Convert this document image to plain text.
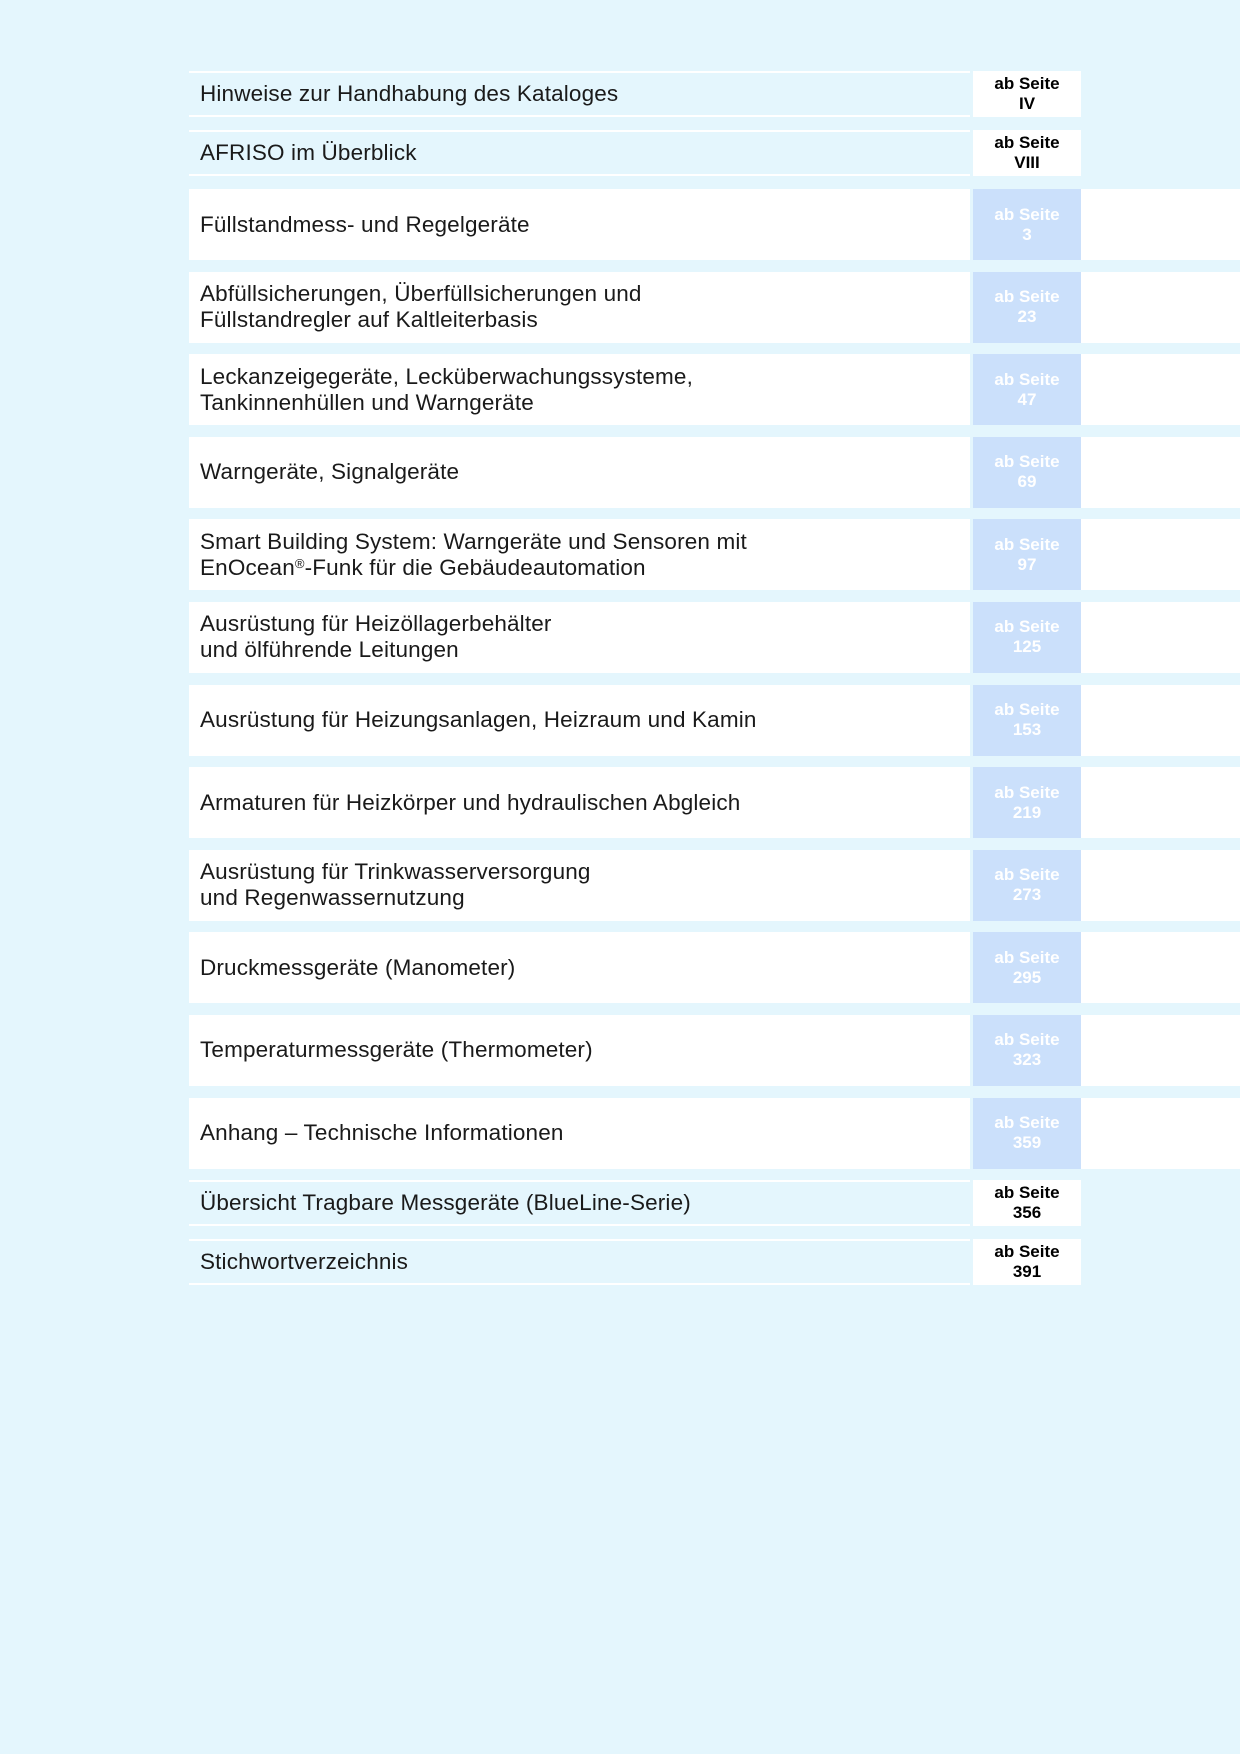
Hinweise zur Handhabung des Kataloges	ab Seite
IV
AFRISO im Überblick	ab Seite
VIII
Füllstandmess- und Regelgeräte	ab Seite
3
Abfüllsicherungen, Überfüllsicherungen und
Füllstandregler auf Kaltleiterbasis
ab Seite
23
Leckanzeigegeräte, Lecküberwachungssysteme,
Tankinnenhüllen und Warngeräte
ab Seite
47
Warngeräte, Signalgeräte	ab Seite
69
Smart Building System: Warngeräte und Sensoren mit
EnOcean®-Funk für die Gebäudeautomation
ab Seite
97
Ausrüstung für Heizöllagerbehälter
und ölführende Leitungen
ab Seite
125
Ausrüstung für Heizungsanlagen, Heizraum und Kamin	ab Seite
153
Armaturen für Heizkörper und hydraulischen Abgleich	ab Seite
219
Ausrüstung für Trinkwasserversorgung
und Regenwassernutzung
ab Seite
273
Druckmessgeräte (Manometer)	ab Seite
295
Temperaturmessgeräte (Thermometer)	ab Seite
323
Anhang – Technische Informationen	ab Seite
359
Übersicht Tragbare Messgeräte (BlueLine-Serie)	ab Seite
356
Stichwortverzeichnis	ab Seite
391
